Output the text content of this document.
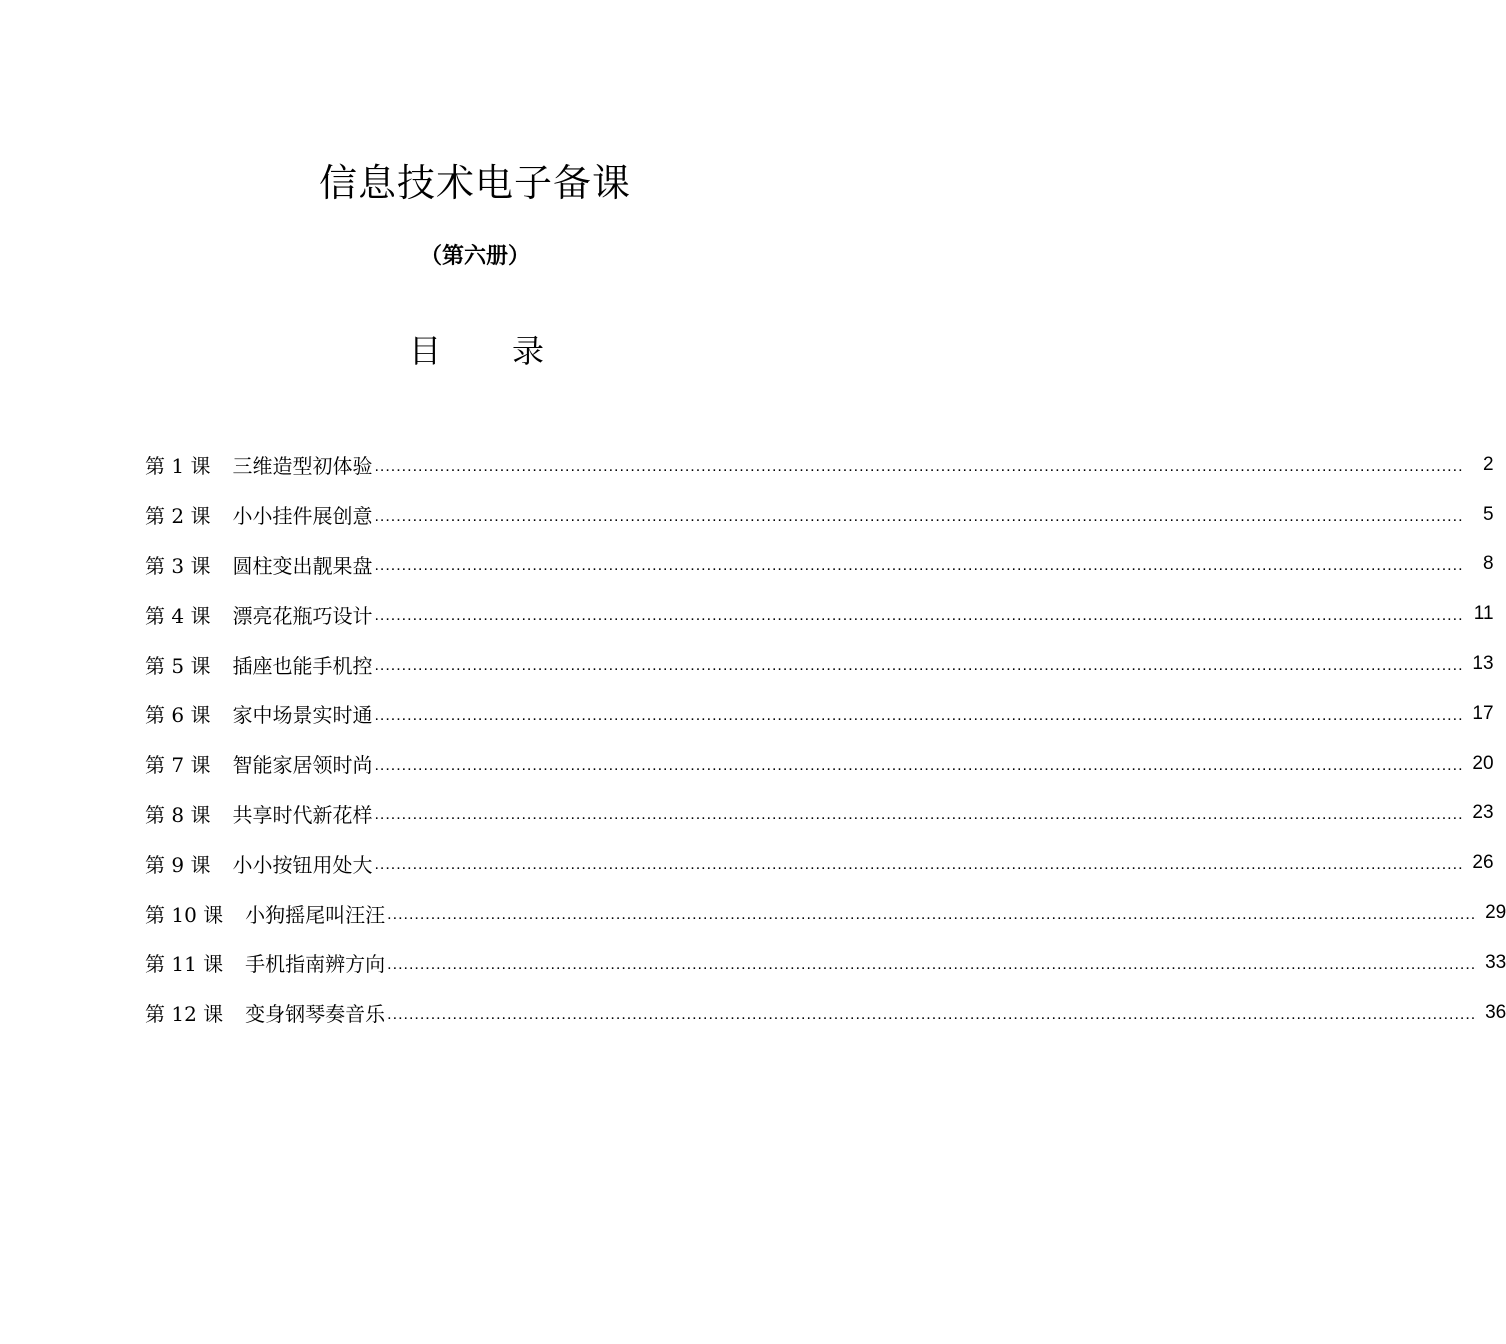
信息技术电子备课
（第六册）
目 录
第 1 课	三维造型初体验 ........................................................................................................................................................................................................	2
第 2 课	小小挂件展创意 ........................................................................................................................................................................................................	5
第 3 课	圆柱变出靓果盘 ........................................................................................................................................................................................................	8
第 4 课	漂亮花瓶巧设计 ........................................................................................................................................................................................................ 11
第 5 课	插座也能手机控 ........................................................................................................................................................................................................ 13
第 6 课	家中场景实时通 ........................................................................................................................................................................................................ 17
第 7 课	智能家居领时尚 ........................................................................................................................................................................................................ 20
第 8 课	共享时代新花样 ........................................................................................................................................................................................................ 23
第 9 课	小小按钮用处大 ........................................................................................................................................................................................................ 26
第 10 课	小狗摇尾叫汪汪 ........................................................................................................................................................................................................ 29
第 11 课	手机指南辨方向 ........................................................................................................................................................................................................ 33
第 12 课	变身钢琴奏音乐 ........................................................................................................................................................................................................ 36
